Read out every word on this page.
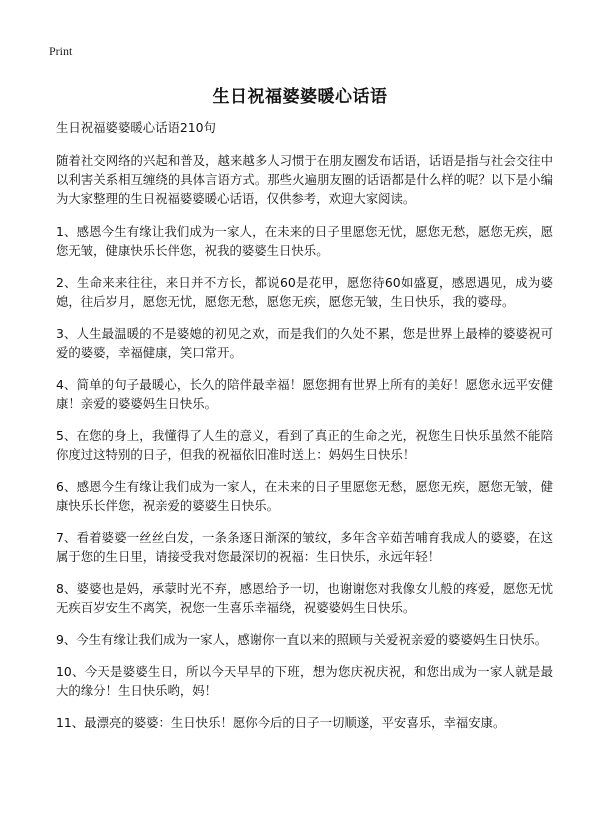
Print
生日祝福婆婆暖心话语

生日祝福婆婆暖心话语210句

随着社交网络的兴起和普及，越来越多人习惯于在朋友圈发布话语，话语是指与社会交往中以利害关系相互缠绕的具体言语方式。那些火遍朋友圈的话语都是什么样的呢？以下是小编为大家整理的生日祝福婆婆暖心话语，仅供参考，欢迎大家阅读。

1、感恩今生有缘让我们成为一家人，在未来的日子里愿您无忧，愿您无愁，愿您无疾，愿您无皱，健康快乐长伴您，祝我的婆婆生日快乐。

2、生命来来往往，来日并不方长，都说60是花甲，愿您待60如盛夏，感恩遇见，成为婆媳，往后岁月，愿您无忧，愿您无愁，愿您无疾，愿您无皱，生日快乐，我的婆母。

3、人生最温暖的不是婆媳的初见之欢，而是我们的久处不累，您是世界上最棒的婆婆祝可爱的婆婆，幸福健康，笑口常开。

4、简单的句子最暖心，长久的陪伴最幸福！愿您拥有世界上所有的美好！愿您永远平安健康！亲爱的婆婆妈生日快乐。

5、在您的身上，我懂得了人生的意义，看到了真正的生命之光，祝您生日快乐虽然不能陪你度过这特别的日子，但我的祝福依旧准时送上：妈妈生日快乐！

6、感恩今生有缘让我们成为一家人，在未来的日子里愿您无愁，愿您无疾，愿您无皱，健康快乐长伴您，祝亲爱的婆婆生日快乐。

7、看着婆婆一丝丝白发，一条条逐日渐深的皱纹，多年含辛茹苦哺育我成人的婆婆，在这属于您的生日里，请接受我对您最深切的祝福：生日快乐，永远年轻！

8、婆婆也是妈，承蒙时光不弃，感恩给予一切，也谢谢您对我像女儿般的疼爱，愿您无忧无疾百岁安生不离笑，祝您一生喜乐幸福绕，祝婆婆妈生日快乐。

9、今生有缘让我们成为一家人，感谢你一直以来的照顾与关爱祝亲爱的婆婆妈生日快乐。

10、今天是婆婆生日，所以今天早早的下班，想为您庆祝庆祝，和您出成为一家人就是最大的缘分！生日快乐哟，妈！

11、最漂亮的婆婆：生日快乐！愿你今后的日子一切顺遂，平安喜乐，幸福安康。
